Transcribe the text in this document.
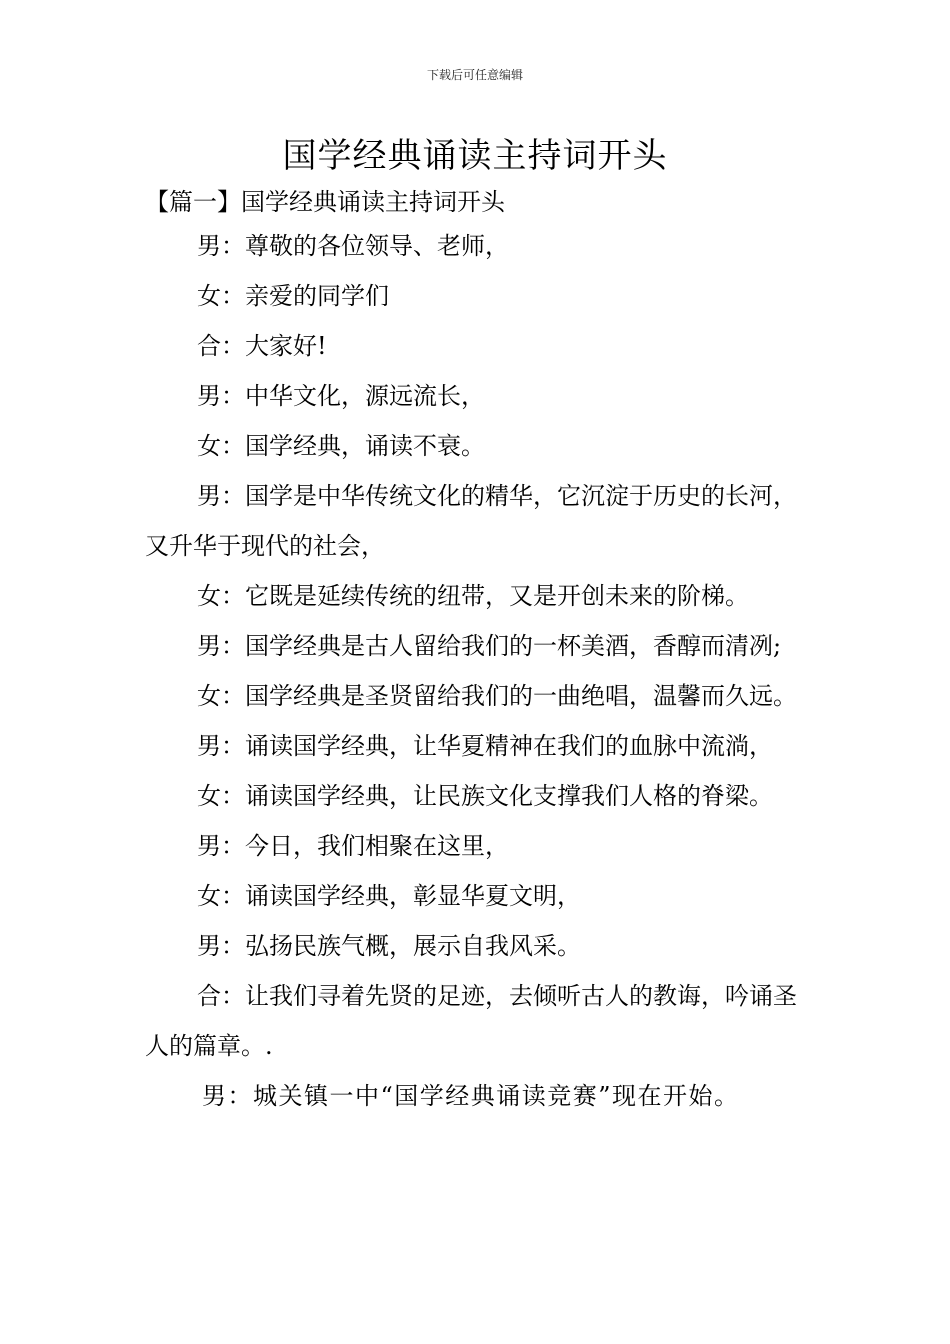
下载后可任意编辑
国学经典诵读主持词开头
【篇一】国学经典诵读主持词开头

男：尊敬的各位领导、老师，

女：亲爱的同学们

合：大家好!

男：中华文化，源远流长，

女：国学经典，诵读不衰。

男：国学是中华传统文化的精华，它沉淀于历史的长河，又升华于现代的社会，

女：它既是延续传统的纽带，又是开创未来的阶梯。

男：国学经典是古人留给我们的一杯美酒，香醇而清冽;

女：国学经典是圣贤留给我们的一曲绝唱，温馨而久远。

男：诵读国学经典，让华夏精神在我们的血脉中流淌，

女：诵读国学经典，让民族文化支撑我们人格的脊梁。

男：今日，我们相聚在这里，

女：诵读国学经典，彰显华夏文明，

男：弘扬民族气概，展示自我风采。

合：让我们寻着先贤的足迹，去倾听古人的教诲，吟诵圣人的篇章。.

男：城关镇一中“国学经典诵读竞赛”现在开始。
